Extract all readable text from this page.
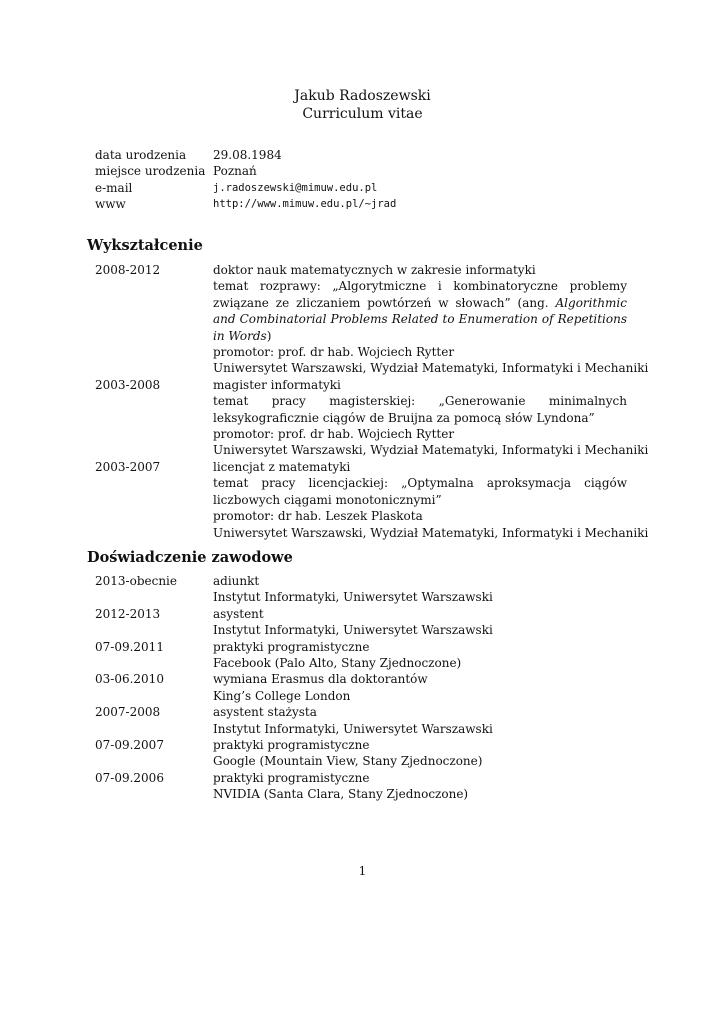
Jakub Radoszewski
Curriculum vitae
data urodzenia	29.08.1984
miejsce urodzenia Poznań
e-mail	j.radoszewski@mimuw.edu.pl
www	http://www.mimuw.edu.pl/~jrad
Wykształcenie
2008-2012	doktor nauk matematycznych w zakresie informatyki
temat rozprawy: „Algorytmiczne i kombinatoryczne problemy związane ze zliczaniem powtórzeń w słowach” (ang. Algorithmic and Combinatorial Problems Related to Enumeration of Repetitions in Words)
promotor: prof. dr hab. Wojciech Rytter
Uniwersytet Warszawski, Wydział Matematyki, Informatyki i Mechaniki
2003-2008	magister informatyki
temat pracy magisterskiej: „Generowanie minimalnych leksykograficznie ciągów de Bruijna za pomocą słów Lyndona”
promotor: prof. dr hab. Wojciech Rytter
Uniwersytet Warszawski, Wydział Matematyki, Informatyki i Mechaniki
2003-2007	licencjat z matematyki
temat pracy licencjackiej: „Optymalna aproksymacja ciągów liczbowych ciągami monotonicznymi”
promotor: dr hab. Leszek Plaskota
Uniwersytet Warszawski, Wydział Matematyki, Informatyki i Mechaniki
Doświadczenie zawodowe
2013-obecnie	adiunkt
Instytut Informatyki, Uniwersytet Warszawski
2012-2013	asystent
Instytut Informatyki, Uniwersytet Warszawski
07-09.2011	praktyki programistyczne
Facebook (Palo Alto, Stany Zjednoczone)
03-06.2010	wymiana Erasmus dla doktorantów
King’s College London
2007-2008	asystent stażysta
Instytut Informatyki, Uniwersytet Warszawski
07-09.2007	praktyki programistyczne
Google (Mountain View, Stany Zjednoczone)
07-09.2006	praktyki programistyczne
NVIDIA (Santa Clara, Stany Zjednoczone)
1
